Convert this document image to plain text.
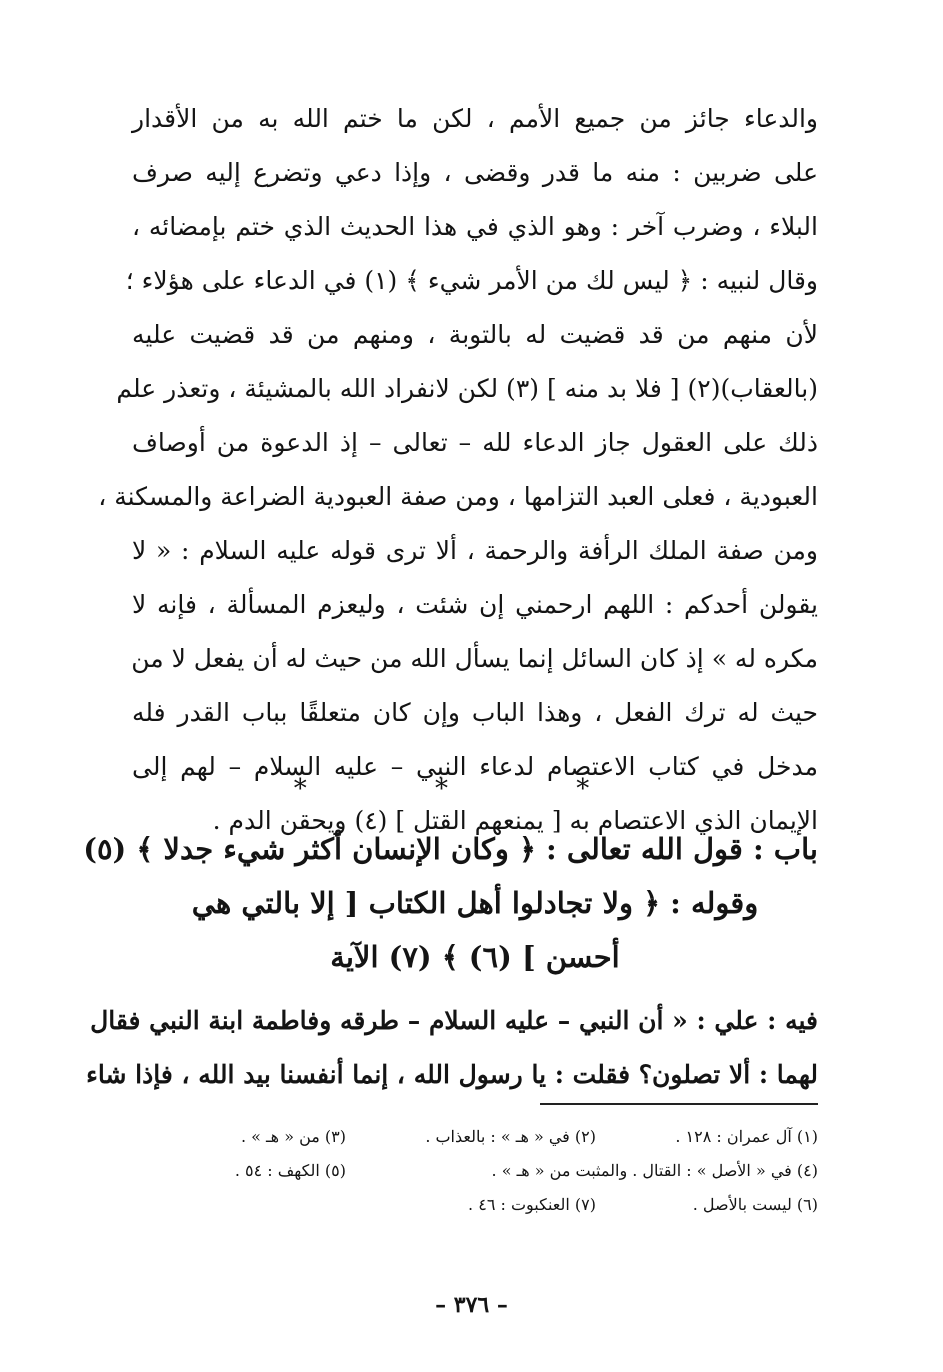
والدعاء جائز من جميع الأمم ، لكن ما ختم الله به من الأقدار
على ضربين : منه ما قدر وقضى ، وإذا دعي وتضرع إليه صرف
البلاء ، وضرب آخر : وهو الذي في هذا الحديث الذي ختم بإمضائه ،
وقال لنبيه : ﴿ ليس لك من الأمر شيء ﴾ (١) في الدعاء على هؤلاء ؛
لأن منهم من قد قضيت له بالتوبة ، ومنهم من قد قضيت عليه
(بالعقاب)(٢) [ فلا بد منه ] (٣) لكن لانفراد الله بالمشيئة ، وتعذر علم
ذلك على العقول جاز الدعاء لله – تعالى – إذ الدعوة من أوصاف
العبودية ، فعلى العبد التزامها ، ومن صفة العبودية الضراعة والمسكنة ،
ومن صفة الملك الرأفة والرحمة ، ألا ترى قوله عليه السلام : « لا
يقولن أحدكم : اللهم ارحمني إن شئت ، وليعزم المسألة ، فإنه لا
مكره له » إذ كان السائل إنما يسأل الله من حيث له أن يفعل لا من
حيث له ترك الفعل ، وهذا الباب وإن كان متعلقًا بباب القدر فله
مدخل في كتاب الاعتصام لدعاء النبي – عليه السلام – لهم إلى
الإيمان الذي الاعتصام به [ يمنعهم القتل ] (٤) ويحقن الدم .
* * *
باب : قول الله تعالى : ﴿ وكان الإنسان أكثر شيء جدلا ﴾ (٥)
وقوله : ﴿ ولا تجادلوا أهل الكتاب [ إلا بالتي هي
أحسن ] (٦) ﴾ (٧) الآية
فيه : علي : « أن النبي – عليه السلام – طرقه وفاطمة ابنة النبي فقال
لهما : ألا تصلون؟ فقلت : يا رسول الله ، إنما أنفسنا بيد الله ، فإذا شاء
(١) آل عمران : ١٢٨ .
(٢) في « هـ » : بالعذاب .
(٣) من « هـ » .
(٤) في « الأصل » : القتال . والمثبت من « هـ » .
(٥) الكهف : ٥٤ .
(٦) ليست بالأصل .
(٧) العنكبوت : ٤٦ .
– ٣٧٦ –
